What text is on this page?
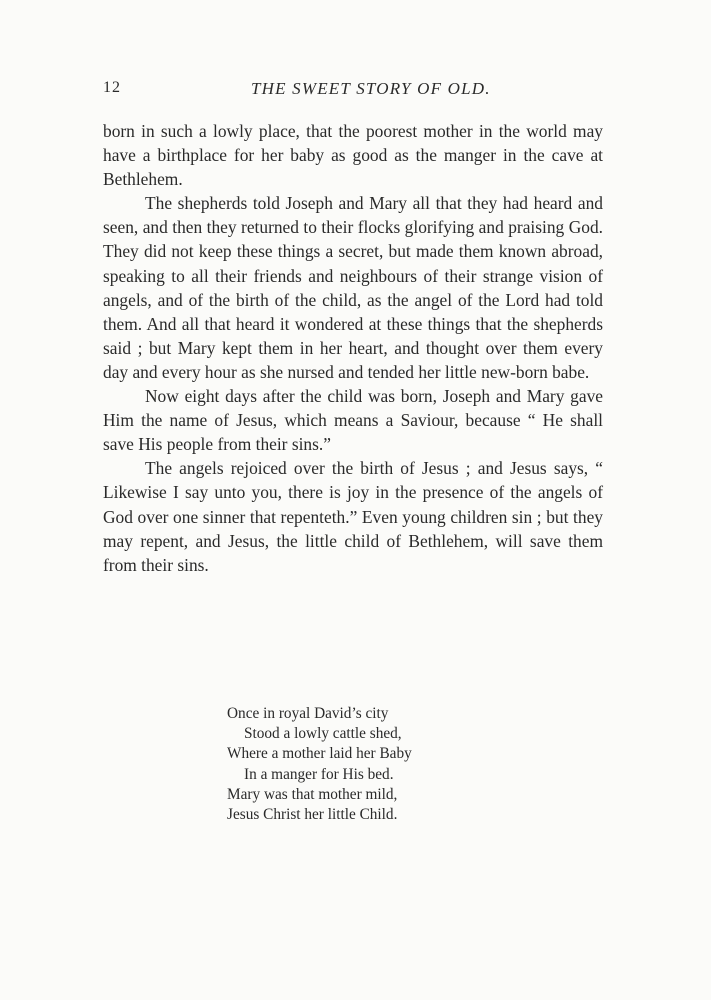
12	THE SWEET STORY OF OLD.

born in such a lowly place, that the poorest mother in the world may have a birthplace for her baby as good as the manger in the cave at Bethlehem.

The shepherds told Joseph and Mary all that they had heard and seen, and then they returned to their flocks glorifying and praising God. They did not keep these things a secret, but made them known abroad, speaking to all their friends and neighbours of their strange vision of angels, and of the birth of the child, as the angel of the Lord had told them. And all that heard it wondered at these things that the shepherds said ; but Mary kept them in her heart, and thought over them every day and every hour as she nursed and tended her little new-born babe.

Now eight days after the child was born, Joseph and Mary gave Him the name of Jesus, which means a Saviour, because “ He shall save His people from their sins.”

The angels rejoiced over the birth of Jesus ; and Jesus says, “ Likewise I say unto you, there is joy in the presence of the angels of God over one sinner that repenteth.” Even young children sin ; but they may repent, and Jesus, the little child of Bethlehem, will save them from their sins.

Once in royal David’s city
Stood a lowly cattle shed,
Where a mother laid her Baby
In a manger for His bed.
Mary was that mother mild,
Jesus Christ her little Child.
